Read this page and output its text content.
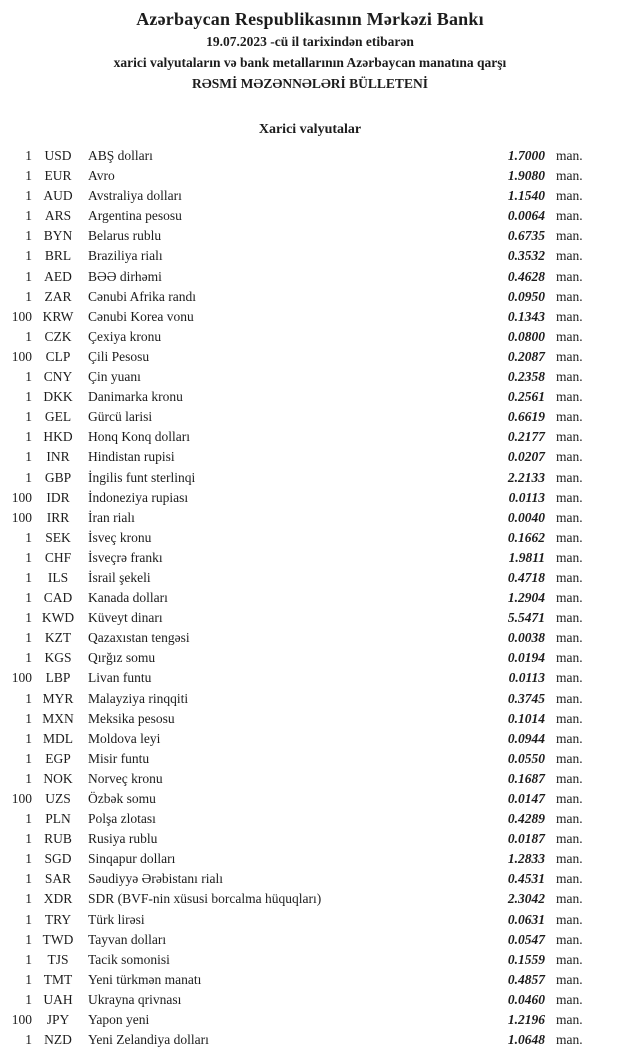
Azərbaycan Respublikasının Mərkəzi Bankı
19.07.2023 -cü il tarixindən etibarən
xarici valyutaların və bank metallarının Azərbaycan manatına qarşı
RƏSMİ MƏZƏNNƏLƏRİ BÜLLETENİ
Xarici valyutalar
1 USD	ABŞ dolları	1.7000 man.
1 EUR	Avro	1.9080 man.
1 AUD	Avstraliya dolları	1.1540 man.
1 ARS	Argentina pesosu	0.0064 man.
1 BYN	Belarus rublu	0.6735 man.
1 BRL	Braziliya rialı	0.3532 man.
1 AED	BƏƏ dirhəmi	0.4628 man.
1 ZAR	Cənubi Afrika randı	0.0950 man.
100 KRW	Cənubi Korea vonu	0.1343 man.
1 CZK	Çexiya kronu	0.0800 man.
100	CLP	Çili Pesosu	0.2087 man.
1 CNY	Çin yuanı	0.2358 man.
1 DKK	Danimarka kronu	0.2561 man.
1 GEL	Gürcü larisi	0.6619 man.
1 HKD	Honq Konq dolları	0.2177 man.
1	INR	Hindistan rupisi	0.0207 man.
1 GBP	İngilis funt sterlinqi	2.2133 man.
100	IDR	İndoneziya rupiası	0.0113 man.
100	IRR	İran rialı	0.0040 man.
1 SEK	İsveç kronu	0.1662 man.
1 CHF	İsveçrə frankı	1.9811 man.
1	ILS	İsrail şekeli	0.4718 man.
1 CAD	Kanada dolları	1.2904 man.
1 KWD	Küveyt dinarı	5.5471 man.
1 KZT	Qazaxıstan tengəsi	0.0038 man.
1 KGS	Qırğız somu	0.0194 man.
100	LBP	Livan funtu	0.0113 man.
1 MYR	Malayziya rinqqiti	0.3745 man.
1 MXN	Meksika pesosu	0.1014 man.
1 MDL	Moldova leyi	0.0944 man.
1 EGP	Misir funtu	0.0550 man.
1 NOK	Norveç kronu	0.1687 man.
100 UZS	Özbək somu	0.0147 man.
1 PLN	Polşa zlotası	0.4289 man.
1 RUB	Rusiya rublu	0.0187 man.
1 SGD	Sinqapur dolları	1.2833 man.
1 SAR	Səudiyyə Ərəbistanı rialı	0.4531 man.
1 XDR	SDR (BVF-nin xüsusi borcalma hüquqları)	2.3042 man.
1 TRY	Türk lirəsi	0.0631 man.
1 TWD	Tayvan dolları	0.0547 man.
1	TJS	Tacik somonisi	0.1559 man.
1 TMT	Yeni türkmən manatı	0.4857 man.
1 UAH	Ukrayna qrivnası	0.0460 man.
100	JPY	Yapon yeni	1.2196 man.
1 NZD	Yeni Zelandiya dolları	1.0648 man.
